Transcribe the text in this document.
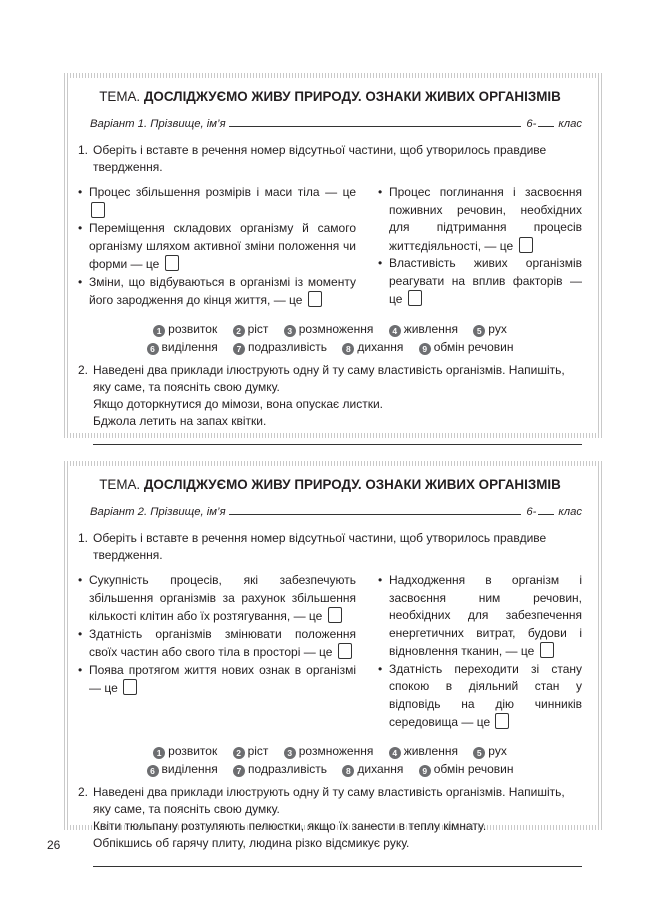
ТЕМА. ДОСЛІДЖУЄМО ЖИВУ ПРИРОДУ. ОЗНАКИ ЖИВИХ ОРГАНІЗМІВ
Варіант 1. Прізвище, ім’я	6- клас
1. Оберіть і вставте в речення номер відсутньої частини, щоб утворилось правдиве твердження.
• Процес збільшення розмірів і маси тіла — це
• Переміщення складових організму й самого організму шляхом активної зміни положення чи форми — це
• Зміни, що відбуваються в організмі із моменту його зародження до кінця життя, — це
• Процес поглинання і засвоєння поживних речовин, необхідних для підтримання процесів життєдіяльності, — це
• Властивість живих організмів реагувати на вплив факторів — це
1 розвиток 2 ріст 3 розмноження 4 живлення 5 рух
6 виділення 7 подразливість 8 дихання 9 обмін речовин
2. Наведені два приклади ілюструють одну й ту саму властивість організмів. Напишіть, яку саме, та поясніть свою думку.
Якщо доторкнутися до мімози, вона опускає листки.
Бджола летить на запах квітки.
ТЕМА. ДОСЛІДЖУЄМО ЖИВУ ПРИРОДУ. ОЗНАКИ ЖИВИХ ОРГАНІЗМІВ
Варіант 2. Прізвище, ім’я	6- клас
1. Оберіть і вставте в речення номер відсутньої частини, щоб утворилось правдиве твердження.
• Сукупність процесів, які забезпечують збільшення організмів за рахунок збільшення кількості клітин або їх розтягування, — це
• Здатність організмів змінювати положення своїх частин або свого тіла в просторі — це
• Поява протягом життя нових ознак в організмі — це
• Надходження в організм і засвоєння ним речовин, необхідних для забезпечення енергетичних витрат, будови і відновлення тканин, — це
• Здатність переходити зі стану спокою в діяльний стан у відповідь на дію чинників середовища — це
1 розвиток 2 ріст 3 розмноження 4 живлення 5 рух
6 виділення 7 подразливість 8 дихання 9 обмін речовин
2. Наведені два приклади ілюструють одну й ту саму властивість організмів. Напишіть, яку саме, та поясніть свою думку.
Квіти тюльпану розтуляють пелюстки, якщо їх занести в теплу кімнату.
Обпікшись об гарячу плиту, людина різко відсмикує руку.
26
